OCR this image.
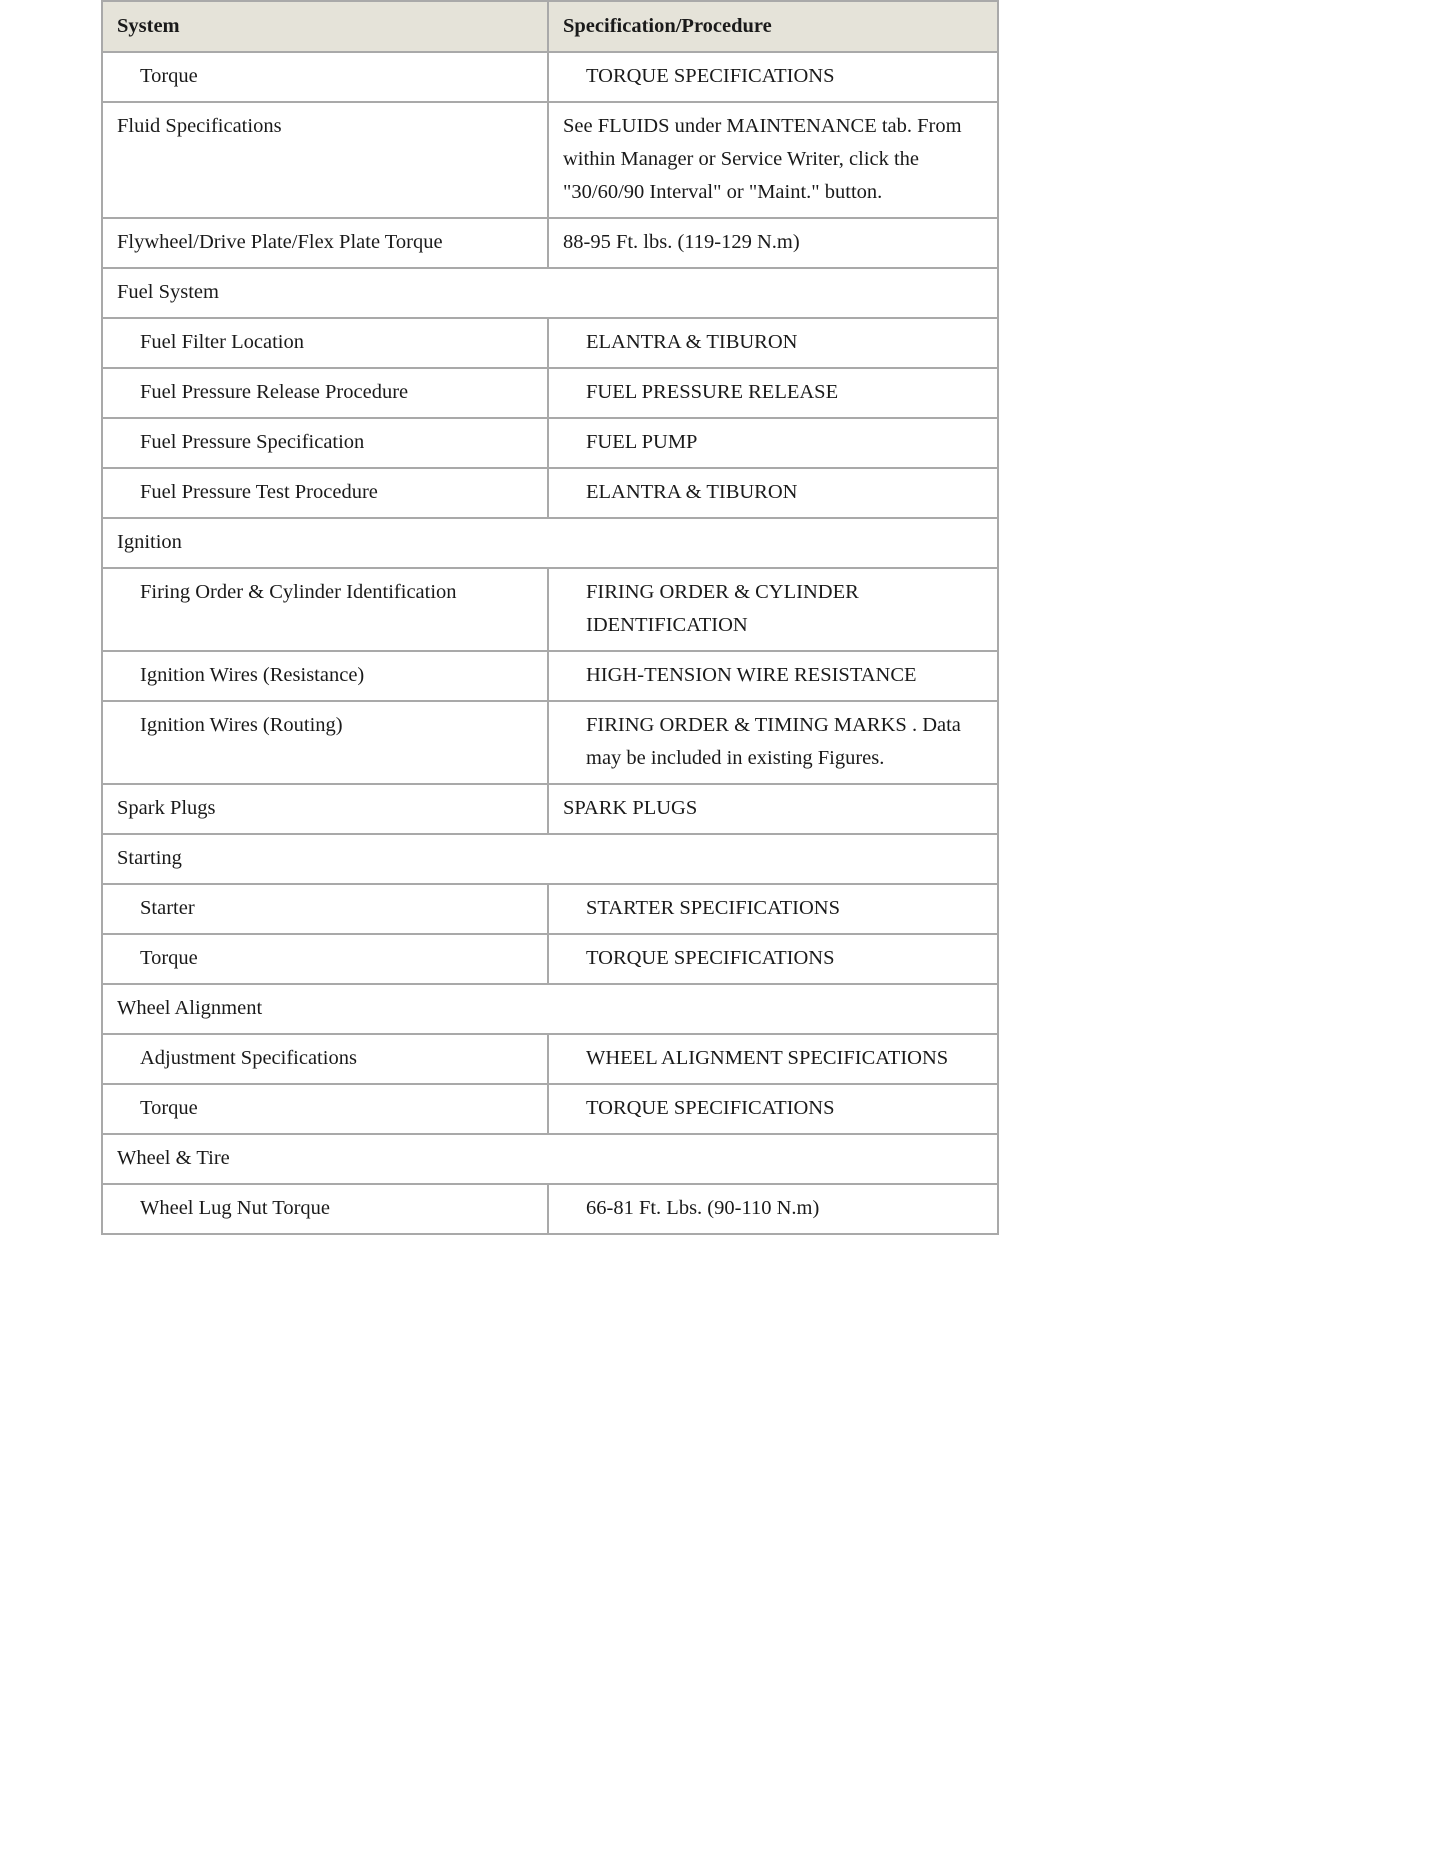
System	Specification/Procedure
Torque	TORQUE SPECIFICATIONS
Fluid Specifications	See FLUIDS under MAINTENANCE tab. From within Manager or Service Writer, click the "30/60/90 Interval" or "Maint." button.
Flywheel/Drive Plate/Flex Plate Torque	88-95 Ft. lbs. (119-129 N.m)
Fuel System	
Fuel Filter Location	ELANTRA & TIBURON
Fuel Pressure Release Procedure	FUEL PRESSURE RELEASE
Fuel Pressure Specification	FUEL PUMP
Fuel Pressure Test Procedure	ELANTRA & TIBURON
Ignition	
Firing Order & Cylinder Identification	FIRING ORDER & CYLINDER IDENTIFICATION
Ignition Wires (Resistance)	HIGH-TENSION WIRE RESISTANCE
Ignition Wires (Routing)	FIRING ORDER & TIMING MARKS . Data may be included in existing Figures.
Spark Plugs	SPARK PLUGS
Starting	
Starter	STARTER SPECIFICATIONS
Torque	TORQUE SPECIFICATIONS
Wheel Alignment	
Adjustment Specifications	WHEEL ALIGNMENT SPECIFICATIONS
Torque	TORQUE SPECIFICATIONS
Wheel & Tire	
Wheel Lug Nut Torque	66-81 Ft. Lbs. (90-110 N.m)
